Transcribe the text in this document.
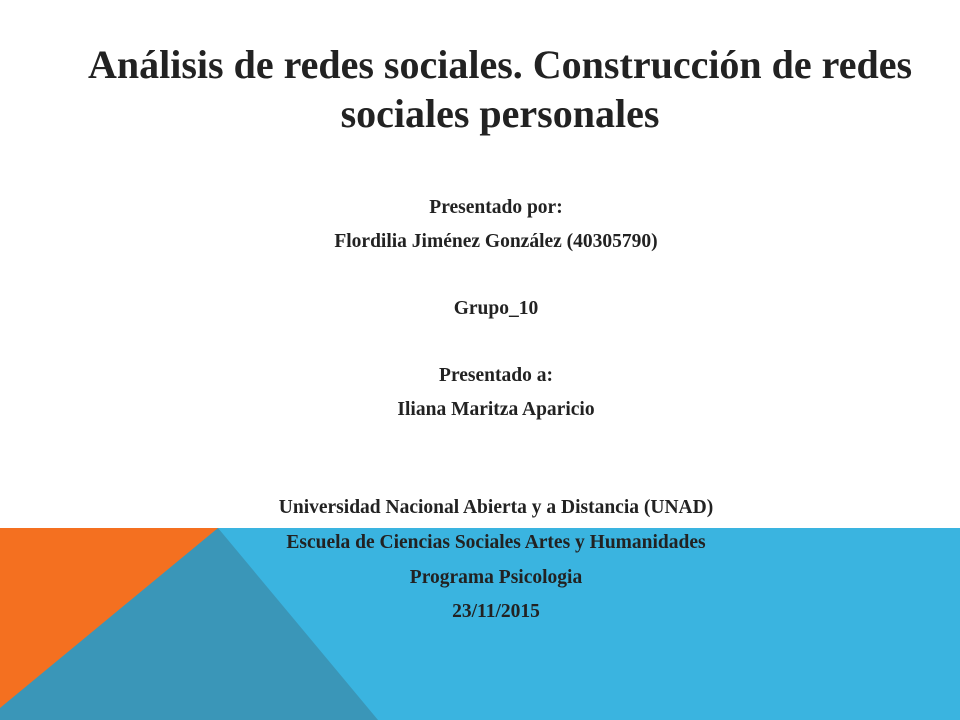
Análisis de redes sociales. Construcción de redes sociales personales
Presentado por:
Flordilia Jiménez González (40305790)
Grupo_10
Presentado a:
Iliana Maritza Aparicio
Universidad Nacional Abierta y a Distancia (UNAD)
Escuela de Ciencias Sociales Artes y Humanidades
Programa Psicologia
23/11/2015
